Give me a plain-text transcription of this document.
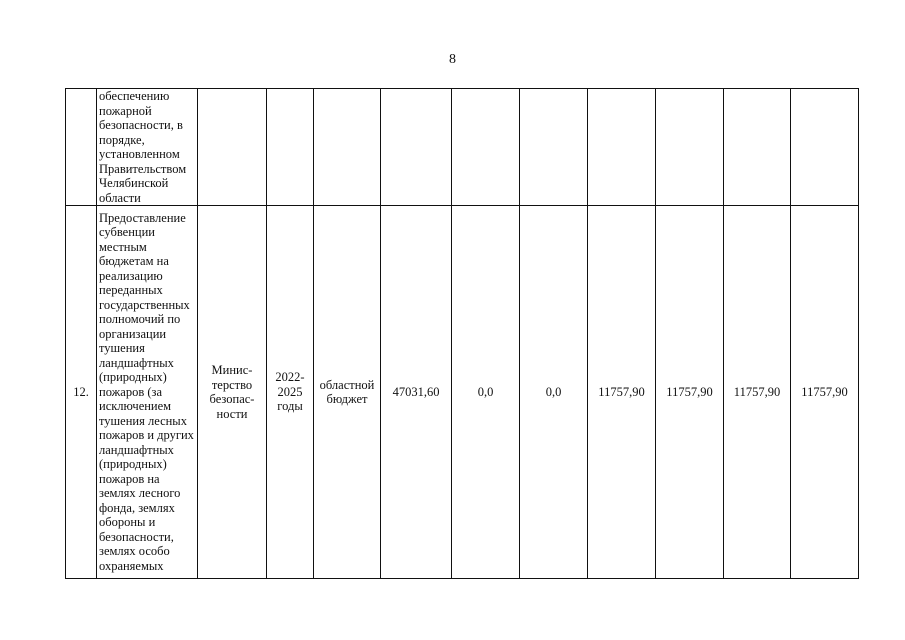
8

	обеспечению пожарной безопасности, в порядке, установленном Правительством Челябинской области										

12.	Предоставление субвенции местным бюджетам на реализацию переданных государственных полномочий по организации тушения ландшафтных (природных) пожаров (за исключением тушения лесных пожаров и других ландшафтных (природных) пожаров на землях лесного фонда, землях обороны и безопасности, землях особо охраняемых	Минис-терство безопас-ности	2022-2025 годы	областной бюджет	47031,60	0,0	0,0	11757,90	11757,90	11757,90	11757,90
